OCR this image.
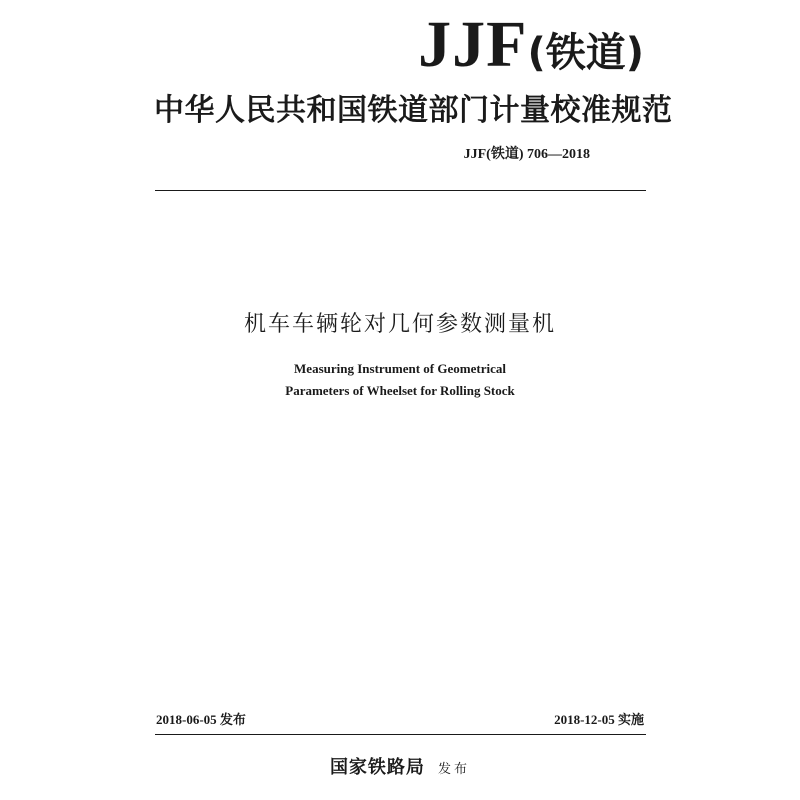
JJF (铁道)
中华人民共和国铁道部门计量校准规范
JJF(铁道) 706—2018
机车车辆轮对几何参数测量机
Measuring Instrument of Geometrical
Parameters of Wheelset for Rolling Stock
2018-06-05 发布	2018-12-05 实施
国家铁路局 发布
